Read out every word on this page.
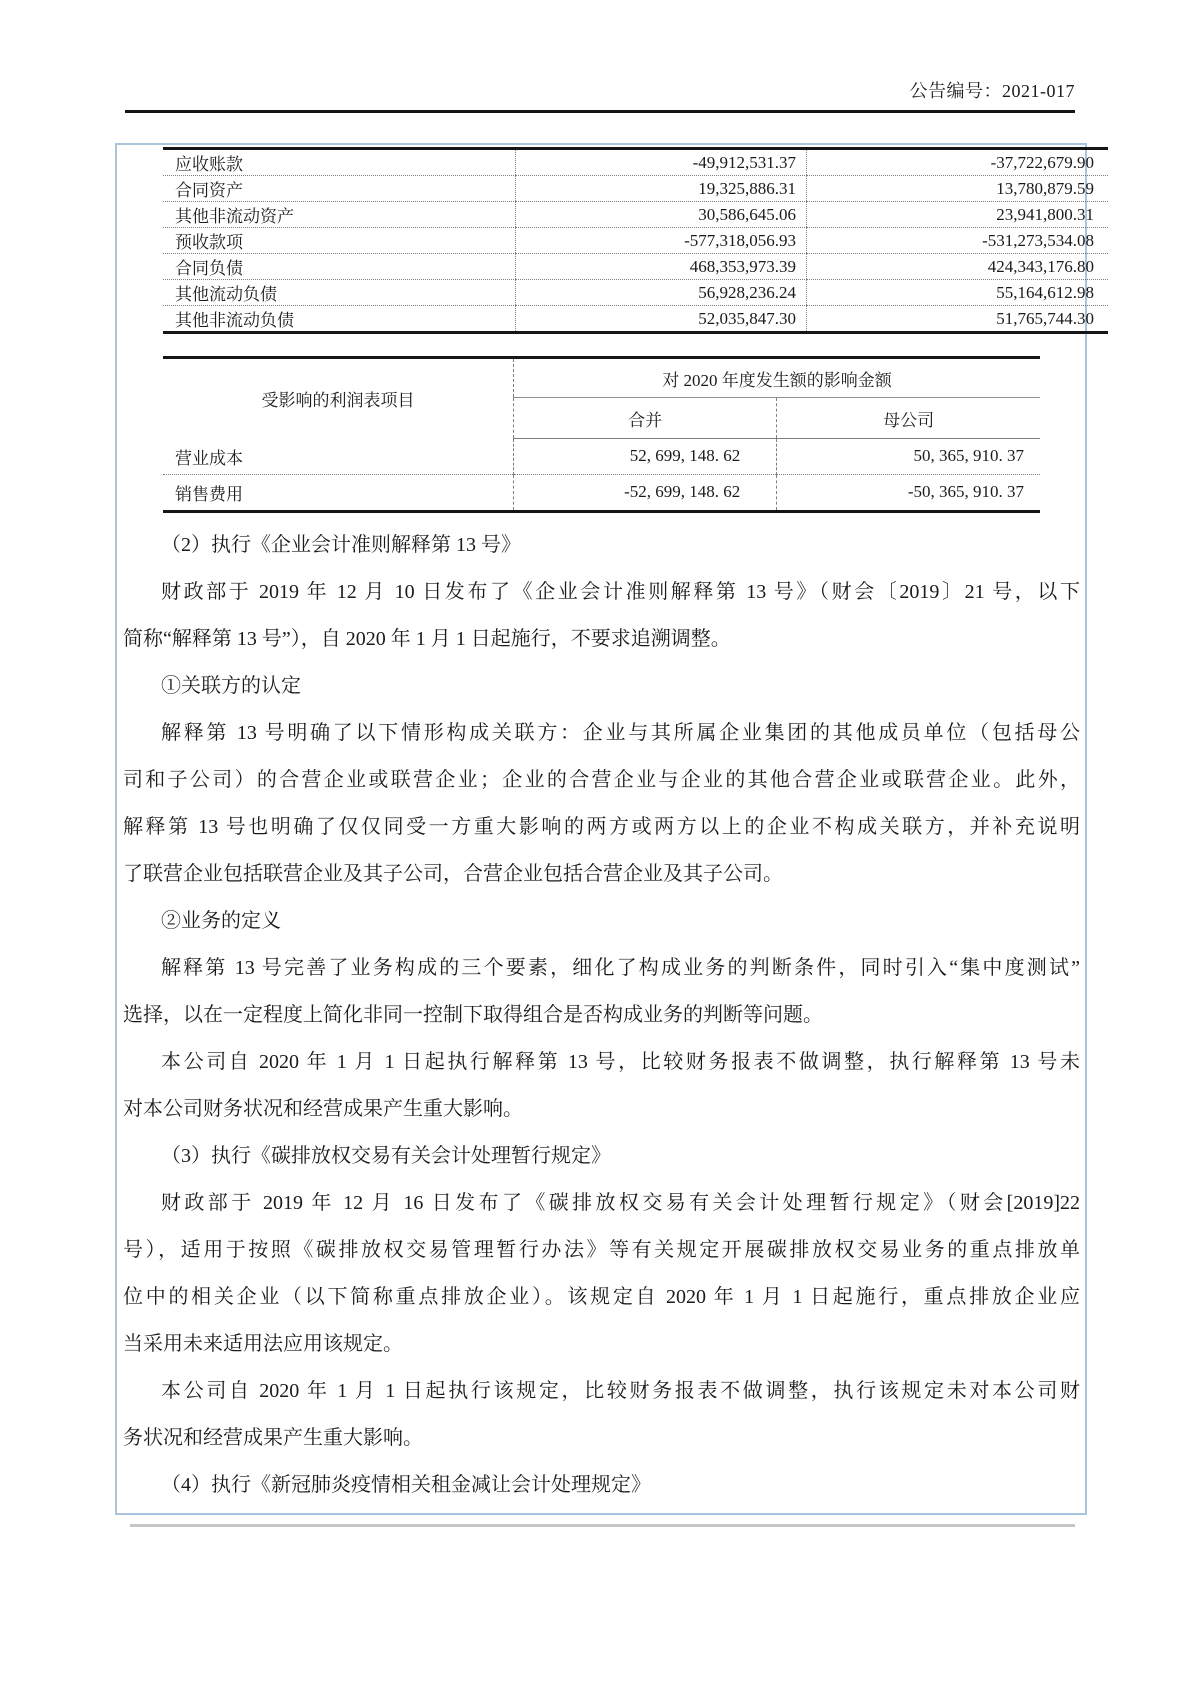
公告编号：2021-017
应收账款	-49,912,531.37	-37,722,679.90
合同资产	19,325,886.31	13,780,879.59
其他非流动资产	30,586,645.06	23,941,800.31
预收款项	-577,318,056.93	-531,273,534.08
合同负债	468,353,973.39	424,343,176.80
其他流动负债	56,928,236.24	55,164,612.98
其他非流动负债	52,035,847.30	51,765,744.30
受影响的利润表项目	对 2020 年度发生额的影响金额	
	合并	母公司
营业成本	52, 699, 148. 62	50, 365, 910. 37
销售费用	-52, 699, 148. 62	-50, 365, 910. 37
（2）执行《企业会计准则解释第 13 号》
财政部于 2019 年 12 月 10 日发布了《企业会计准则解释第 13 号》（财会〔2019〕21 号，以下
简称“解释第 13 号”），自 2020 年 1 月 1 日起施行，不要求追溯调整。
①关联方的认定
解释第 13 号明确了以下情形构成关联方：企业与其所属企业集团的其他成员单位（包括母公
司和子公司）的合营企业或联营企业；企业的合营企业与企业的其他合营企业或联营企业。此外，
解释第 13 号也明确了仅仅同受一方重大影响的两方或两方以上的企业不构成关联方，并补充说明
了联营企业包括联营企业及其子公司，合营企业包括合营企业及其子公司。
②业务的定义
解释第 13 号完善了业务构成的三个要素，细化了构成业务的判断条件，同时引入“集中度测试”
选择，以在一定程度上简化非同一控制下取得组合是否构成业务的判断等问题。
本公司自 2020 年 1 月 1 日起执行解释第 13 号，比较财务报表不做调整，执行解释第 13 号未
对本公司财务状况和经营成果产生重大影响。
（3）执行《碳排放权交易有关会计处理暂行规定》
财政部于 2019 年 12 月 16 日发布了《碳排放权交易有关会计处理暂行规定》（财会[2019]22
号），适用于按照《碳排放权交易管理暂行办法》等有关规定开展碳排放权交易业务的重点排放单
位中的相关企业（以下简称重点排放企业）。该规定自 2020 年 1 月 1 日起施行，重点排放企业应
当采用未来适用法应用该规定。
本公司自 2020 年 1 月 1 日起执行该规定，比较财务报表不做调整，执行该规定未对本公司财
务状况和经营成果产生重大影响。
（4）执行《新冠肺炎疫情相关租金减让会计处理规定》
